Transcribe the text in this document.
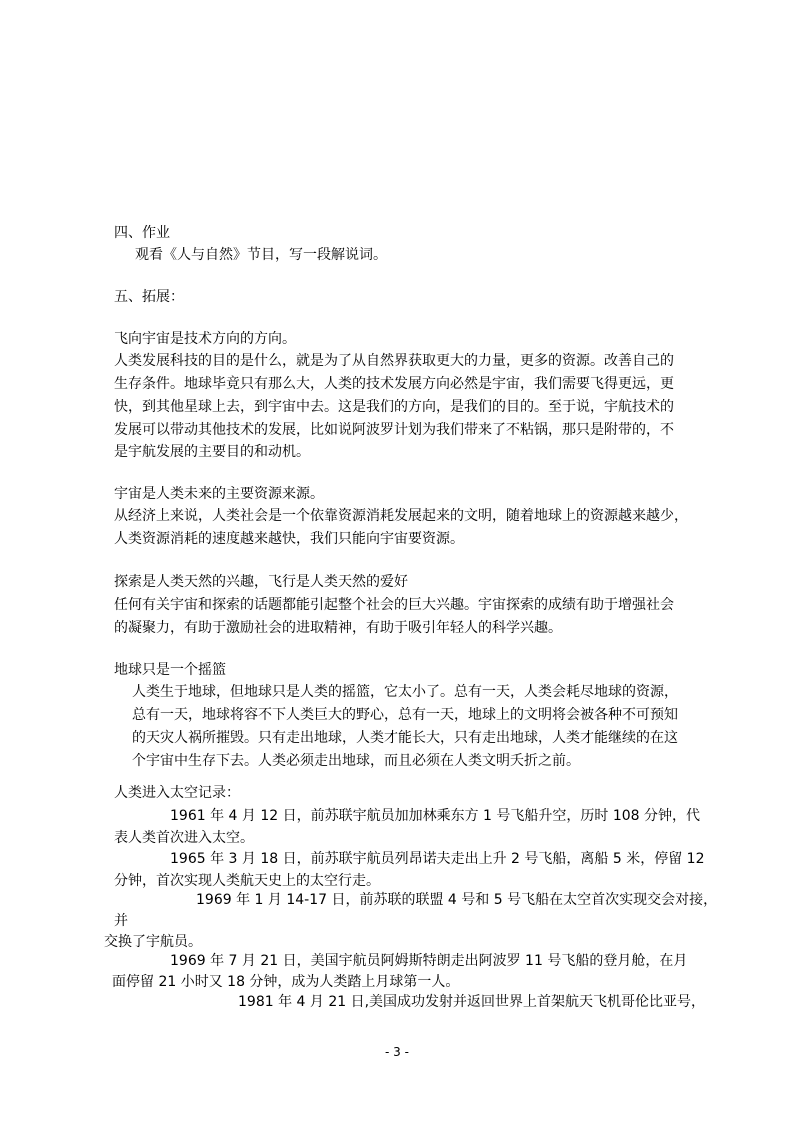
四、作业
观看《人与自然》节目，写一段解说词。
五、拓展：
飞向宇宙是技术方向的方向。
人类发展科技的目的是什么，就是为了从自然界获取更大的力量，更多的资源。改善自己的
生存条件。地球毕竟只有那么大，人类的技术发展方向必然是宇宙，我们需要飞得更远，更
快，到其他星球上去，到宇宙中去。这是我们的方向，是我们的目的。至于说，宇航技术的
发展可以带动其他技术的发展，比如说阿波罗计划为我们带来了不粘锅，那只是附带的，不
是宇航发展的主要目的和动机。
宇宙是人类未来的主要资源来源。
从经济上来说，人类社会是一个依靠资源消耗发展起来的文明，随着地球上的资源越来越少，
人类资源消耗的速度越来越快，我们只能向宇宙要资源。
探索是人类天然的兴趣，飞行是人类天然的爱好
任何有关宇宙和探索的话题都能引起整个社会的巨大兴趣。宇宙探索的成绩有助于增强社会
的凝聚力，有助于激励社会的进取精神，有助于吸引年轻人的科学兴趣。
地球只是一个摇篮
人类生于地球，但地球只是人类的摇篮，它太小了。总有一天，人类会耗尽地球的资源，
总有一天，地球将容不下人类巨大的野心，总有一天，地球上的文明将会被各种不可预知
的天灾人祸所摧毁。只有走出地球，人类才能长大，只有走出地球，人类才能继续的在这
个宇宙中生存下去。人类必须走出地球，而且必须在人类文明夭折之前。
人类进入太空记录：
1961 年 4 月 12 日，前苏联宇航员加加林乘东方 1 号飞船升空，历时 108 分钟，代
表人类首次进入太空。
1965 年 3 月 18 日，前苏联宇航员列昂诺夫走出上升 2 号飞船，离船 5 米，停留 12
分钟，首次实现人类航天史上的太空行走。
1969 年 1 月 14-17 日，前苏联的联盟 4 号和 5 号飞船在太空首次实现交会对接，
并
交换了宇航员。
1969 年 7 月 21 日，美国宇航员阿姆斯特朗走出阿波罗 11 号飞船的登月舱，在月
面停留 21 小时又 18 分钟，成为人类踏上月球第一人。
1981 年 4 月 21 日,美国成功发射并返回世界上首架航天飞机哥伦比亚号，
- 3 -
